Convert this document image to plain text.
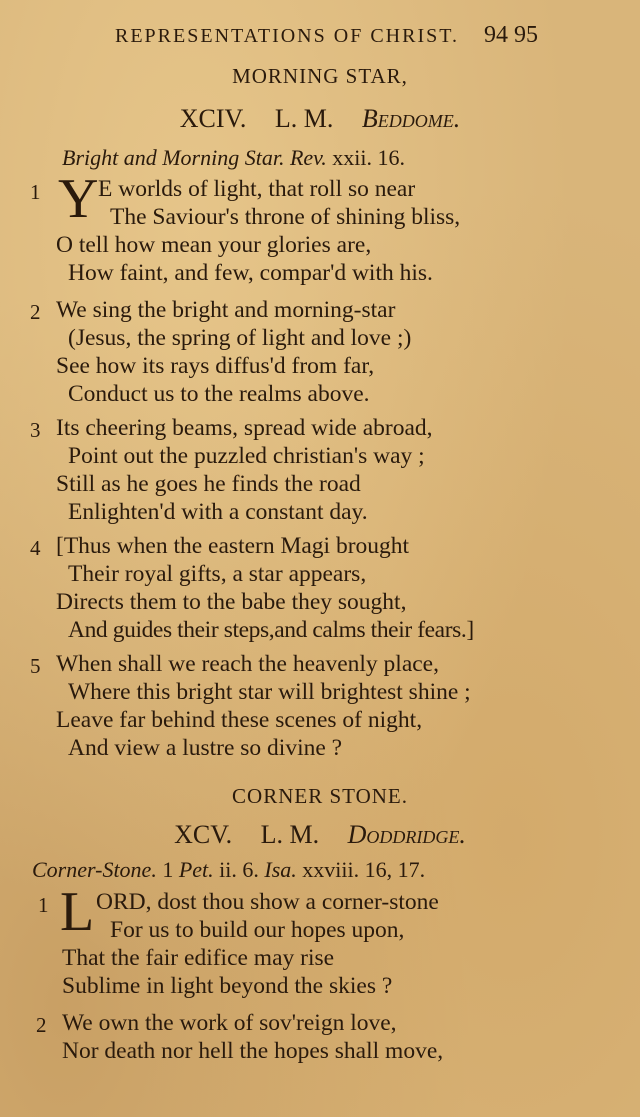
REPRESENTATIONS OF CHRIST. 94 95
MORNING STAR,
XCIV. L. M. Beddome.
Bright and Morning Star. Rev. xxii. 16.
1 Y E worlds of light, that roll so near
The Saviour's throne of shining bliss,
O tell how mean your glories are,
How faint, and few, compar'd with his.
2 We sing the bright and morning-star
(Jesus, the spring of light and love ;)
See how its rays diffus'd from far,
Conduct us to the realms above.
3 Its cheering beams, spread wide abroad,
Point out the puzzled christian's way ;
Still as he goes he finds the road
Enlighten'd with a constant day.
4 [Thus when the eastern Magi brought
Their royal gifts, a star appears,
Directs them to the babe they sought,
And guides their steps,and calms their fears.]
5 When shall we reach the heavenly place,
Where this bright star will brightest shine ;
Leave far behind these scenes of night,
And view a lustre so divine ?
CORNER STONE.
XCV. L. M. Doddridge.
Corner-Stone. 1 Pet. ii. 6. Isa. xxviii. 16, 17.
1 L ORD, dost thou show a corner-stone
For us to build our hopes upon,
That the fair edifice may rise
Sublime in light beyond the skies ?
2 We own the work of sov'reign love,
Nor death nor hell the hopes shall move,
